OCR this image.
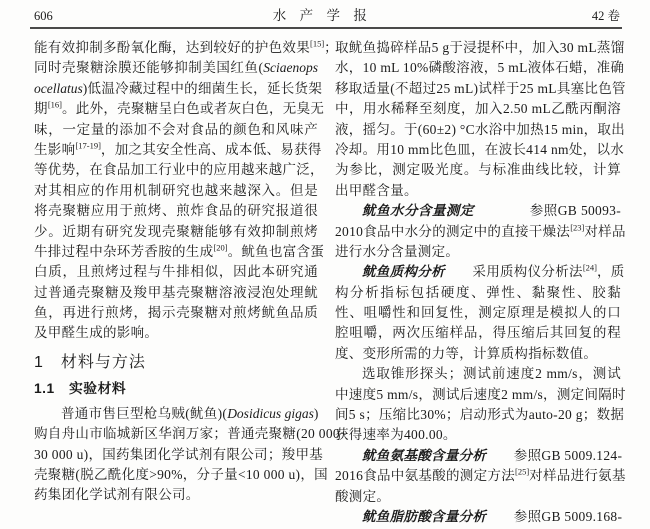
606	水 产 学 报	42 卷
能有效抑制多酚氧化酶，达到较好的护色效果[15]；
同时壳聚糖涂膜还能够抑制美国红鱼(Sciaenops
ocellatus)低温冷藏过程中的细菌生长，延长货架
期[16]。此外，壳聚糖呈白色或者灰白色，无臭无
味，一定量的添加不会对食品的颜色和风味产
生影响[17-19]，加之其安全性高、成本低、易获得
等优势，在食品加工行业中的应用越来越广泛，
对其相应的作用机制研究也越来越深入。但是
将壳聚糖应用于煎烤、煎炸食品的研究报道很
少。近期有研究发现壳聚糖能够有效抑制煎烤
牛排过程中杂环芳香胺的生成[20]。鱿鱼也富含蛋
白质，且煎烤过程与牛排相似，因此本研究通
过普通壳聚糖及羧甲基壳聚糖溶液浸泡处理鱿
鱼，再进行煎烤，揭示壳聚糖对煎烤鱿鱼品质
及甲醛生成的影响。
1　材料与方法
1.1　实验材料
普通市售巨型枪乌贼(鱿鱼)(Dosidicus gigas)
购自舟山市临城新区华润万家；普通壳聚糖(20 000~
30 000 u)，国药集团化学试剂有限公司；羧甲基
壳聚糖(脱乙酰化度>90%，分子量<10 000 u)，国
药集团化学试剂有限公司。
取鱿鱼捣碎样品5 g于浸提杯中，加入30 mL蒸馏
水，10 mL 10%磷酸溶液，5 mL液体石蜡，准确
移取适量(不超过25 mL)试样于25 mL具塞比色管
中，用水稀释至刻度，加入2.50 mL乙酰丙酮溶
液，摇匀。于(60±2) °C水浴中加热15 min，取出
冷却。用10 mm比色皿，在波长414 nm处，以水
为参比，测定吸光度。与标准曲线比较，计算
出甲醛含量。
鱿鱼水分含量测定　　　　参照GB 50093-
2010食品中水分的测定中的直接干燥法[23]对样品
进行水分含量测定。
鱿鱼质构分析　　采用质构仪分析法[24]，质
构分析指标包括硬度、弹性、黏聚性、胶黏
性、咀嚼性和回复性，测定原理是模拟人的口
腔咀嚼，两次压缩样品，得压缩后其回复的程
度、变形所需的力等，计算质构指标数值。
选取锥形探头；测试前速度2 mm/s，测试
中速度5 mm/s，测试后速度2 mm/s，测定间隔时
间5 s；压缩比30%；启动形式为auto-20 g；数据
获得速率为400.00。
鱿鱼氨基酸含量分析　　参照GB 5009.124-
2016食品中氨基酸的测定方法[25]对样品进行氨基
酸测定。
鱿鱼脂肪酸含量分析　　参照GB 5009.168-
